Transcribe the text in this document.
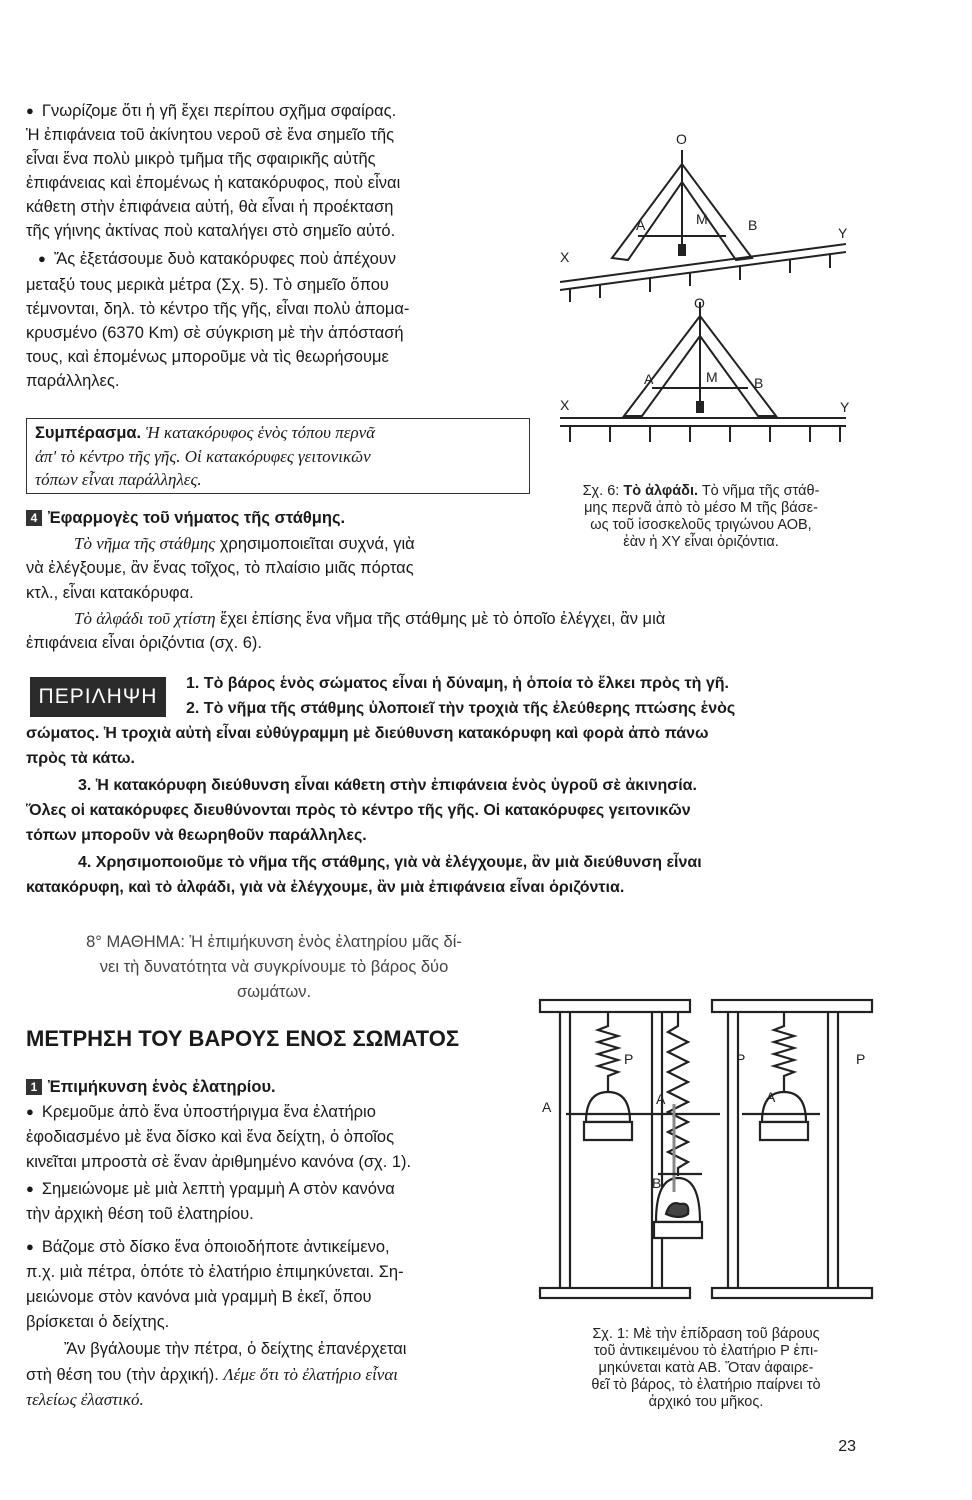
● Γνωρίζομε ὅτι ἡ γῆ ἔχει περίπου σχῆμα σφαίρας.

Ἡ ἐπιφάνεια τοῦ ἀκίνητου νεροῦ σὲ ἕνα σημεῖο τῆς

εἶναι ἕνα πολὺ μικρὸ τμῆμα τῆς σφαιρικῆς αὐτῆς

ἐπιφάνειας καὶ ἑπομένως ἡ κατακόρυφος, ποὺ εἶναι

κάθετη στὴν ἐπιφάνεια αὐτή, θὰ εἶναι ἡ προέκταση

τῆς γήινης ἀκτίνας ποὺ καταλήγει στὸ σημεῖο αὐτό.

● Ἄς ἐξετάσουμε δυὸ κατακόρυφες ποὺ ἀπέχουν

μεταξύ τους μερικὰ μέτρα (Σχ. 5). Τὸ σημεῖο ὅπου

τέμνονται, δηλ. τὸ κέντρο τῆς γῆς, εἶναι πολὺ ἀπομα-

κρυσμένο (6370 Km) σὲ σύγκριση μὲ τὴν ἀπόστασή

τους, καὶ ἑπομένως μποροῦμε νὰ τὶς θεωρήσουμε

παράλληλες.

Συμπέρασμα. Ἡ κατακόρυφος ἑνὸς τόπου περνᾶ
ἀπ' τὸ κέντρο τῆς γῆς. Οἱ κατακόρυφες γειτονικῶν
τόπων εἶναι παράλληλες.
4 Ἐφαρμογὲς τοῦ νήματος τῆς στάθμης.

Τὸ νῆμα τῆς στάθμης χρησιμοποιεῖται συχνά, γιὰ

νὰ ἐλέγξουμε, ἂν ἕνας τοῖχος, τὸ πλαίσιο μιᾶς πόρτας

κτλ., εἶναι κατακόρυφα.

Τὸ ἀλφάδι τοῦ χτίστη ἔχει ἐπίσης ἕνα νῆμα τῆς στάθμης μὲ τὸ ὁποῖο ἐλέγχει, ἂν μιὰ

ἐπιφάνεια εἶναι ὁριζόντια (σχ. 6).

O
A	M	B
X
Y
O
A	M	B
X	Y
Σχ. 6: Τὸ ἀλφάδι. Τὸ νῆμα τῆς στάθ-
μης περνᾶ ἀπὸ τὸ μέσο Μ τῆς βάσε-
ως τοῦ ἰσοσκελοῦς τριγώνου ΑΟΒ,
ἐὰν ἡ ΧΥ εἶναι ὁριζόντια.
ΠΕΡΙΛΗΨΗ

1. Τὸ βάρος ἑνὸς σώματος εἶναι ἡ δύναμη, ἡ ὁποία τὸ ἕλκει πρὸς τὴ γῆ.

2. Τὸ νῆμα τῆς στάθμης ὑλοποιεῖ τὴν τροχιὰ τῆς ἐλεύθερης πτώσης ἑνὸς

σώματος. Ἡ τροχιὰ αὐτὴ εἶναι εὐθύγραμμη μὲ διεύθυνση κατακόρυφη καὶ φορὰ ἀπὸ πάνω

πρὸς τὰ κάτω.

3. Ἡ κατακόρυφη διεύθυνση εἶναι κάθετη στὴν ἐπιφάνεια ἑνὸς ὑγροῦ σὲ ἀκινησία.

Ὅλες οἱ κατακόρυφες διευθύνονται πρὸς τὸ κέντρο τῆς γῆς. Οἱ κατακόρυφες γειτονικῶν

τόπων μποροῦν νὰ θεωρηθοῦν παράλληλες.

4. Χρησιμοποιοῦμε τὸ νῆμα τῆς στάθμης, γιὰ νὰ ἐλέγχουμε, ἂν μιὰ διεύθυνση εἶναι

κατακόρυφη, καὶ τὸ ἀλφάδι, γιὰ νὰ ἐλέγχουμε, ἂν μιὰ ἐπιφάνεια εἶναι ὁριζόντια.

8° ΜΑΘΗΜΑ: Ἡ ἐπιμήκυνση ἑνὸς ἐλατηρίου μᾶς δί-
νει τὴ δυνατότητα νὰ συγκρίνουμε τὸ βάρος δύο
σωμάτων.
ΜΕΤΡΗΣΗ ΤΟΥ ΒΑΡΟΥΣ ΕΝΟΣ ΣΩΜΑΤΟΣ
1 Ἐπιμήκυνση ἑνὸς ἐλατηρίου.

● Κρεμοῦμε ἀπὸ ἕνα ὑποστήριγμα ἕνα ἐλατήριο

ἐφοδιασμένο μὲ ἕνα δίσκο καὶ ἕνα δείχτη, ὁ ὁποῖος

κινεῖται μπροστὰ σὲ ἕναν ἀριθμημένο κανόνα (σχ. 1).

● Σημειώνομε μὲ μιὰ λεπτὴ γραμμὴ Α στὸν κανόνα

τὴν ἀρχικὴ θέση τοῦ ἐλατηρίου.

● Βάζομε στὸ δίσκο ἕνα ὁποιοδήποτε ἀντικείμενο,

π.χ. μιὰ πέτρα, ὁπότε τὸ ἐλατήριο ἐπιμηκύνεται. Ση-

μειώνομε στὸν κανόνα μιὰ γραμμὴ Β ἐκεῖ, ὅπου

βρίσκεται ὁ δείχτης.

Ἄν βγάλουμε τὴν πέτρα, ὁ δείχτης ἐπανέρχεται

στὴ θέση του (τὴν ἀρχική). Λέμε ὅτι τὸ ἐλατήριο εἶναι

τελείως ἐλαστικό.

P	P	P
A	A	A
B
Σχ. 1: Μὲ τὴν ἐπίδραση τοῦ βάρους
τοῦ ἀντικειμένου τὸ ἐλατήριο Ρ ἐπι-
μηκύνεται κατὰ ΑΒ. Ὅταν ἀφαιρε-
θεῖ τὸ βάρος, τὸ ἐλατήριο παίρνει τὸ
ἀρχικό του μῆκος.
23
